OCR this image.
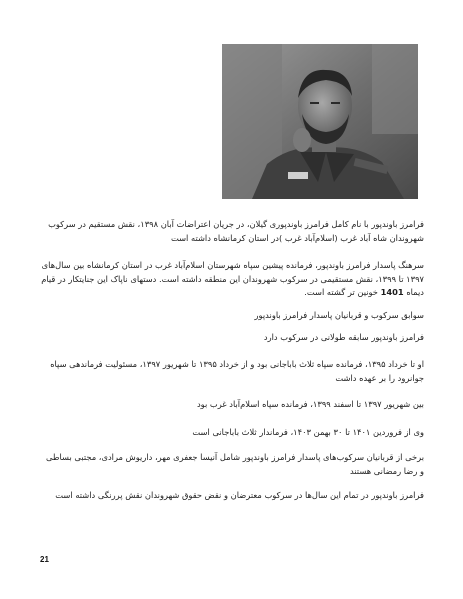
فرامرز باوندپور با نام کامل فرامرز باوندپوری گیلان، در جریان اعتراضات آبان ۱۳۹۸، نقش مستقیم در سرکوب شهروندان شاه آباد غرب (اسلام‌آباد غرب )در استان کرمانشاه داشته است
سرهنگ پاسدار فرامرز باوندپور، فرمانده پیشین سپاه شهرستان اسلام‌آباد غرب در استان کرمانشاه بین سال‌های ۱۳۹۷ تا ۱۳۹۹، نقش مستقیمی در سرکوب شهروندان این منطقه داشته است. دستهای ناپاک این جنایتکار در قیام دیماه 1401 خونین تر گشته است.
سوابق سرکوب و قربانیان پاسدار فرامرز باوندپور
فرامرز باوندپور سابقه طولانی در سرکوب دارد
او تا خرداد ۱۳۹۵، فرمانده سپاه ثلاث باباجانی بود و از خرداد ۱۳۹۵ تا شهریور ۱۳۹۷، مسئولیت فرماندهی سپاه جوانرود را بر عهده داشت
بین شهریور ۱۳۹۷ تا اسفند ۱۳۹۹، فرمانده سپاه اسلام‌آباد غرب بود
وی از فروردین ۱۴۰۱ تا ۳۰ بهمن ۱۴۰۳، فرماندار ثلاث باباجانی است
برخی از قربانیان سرکوب‌های پاسدار فرامرز باوندپور شامل آنیسا جعفری مهر، داریوش مرادی، مجتبی بساطی و رضا رمضانی هستند
فرامرز باوندپور در تمام این سال‌ها در سرکوب معترضان و نقض حقوق شهروندان نقش پررنگی داشته است
21
